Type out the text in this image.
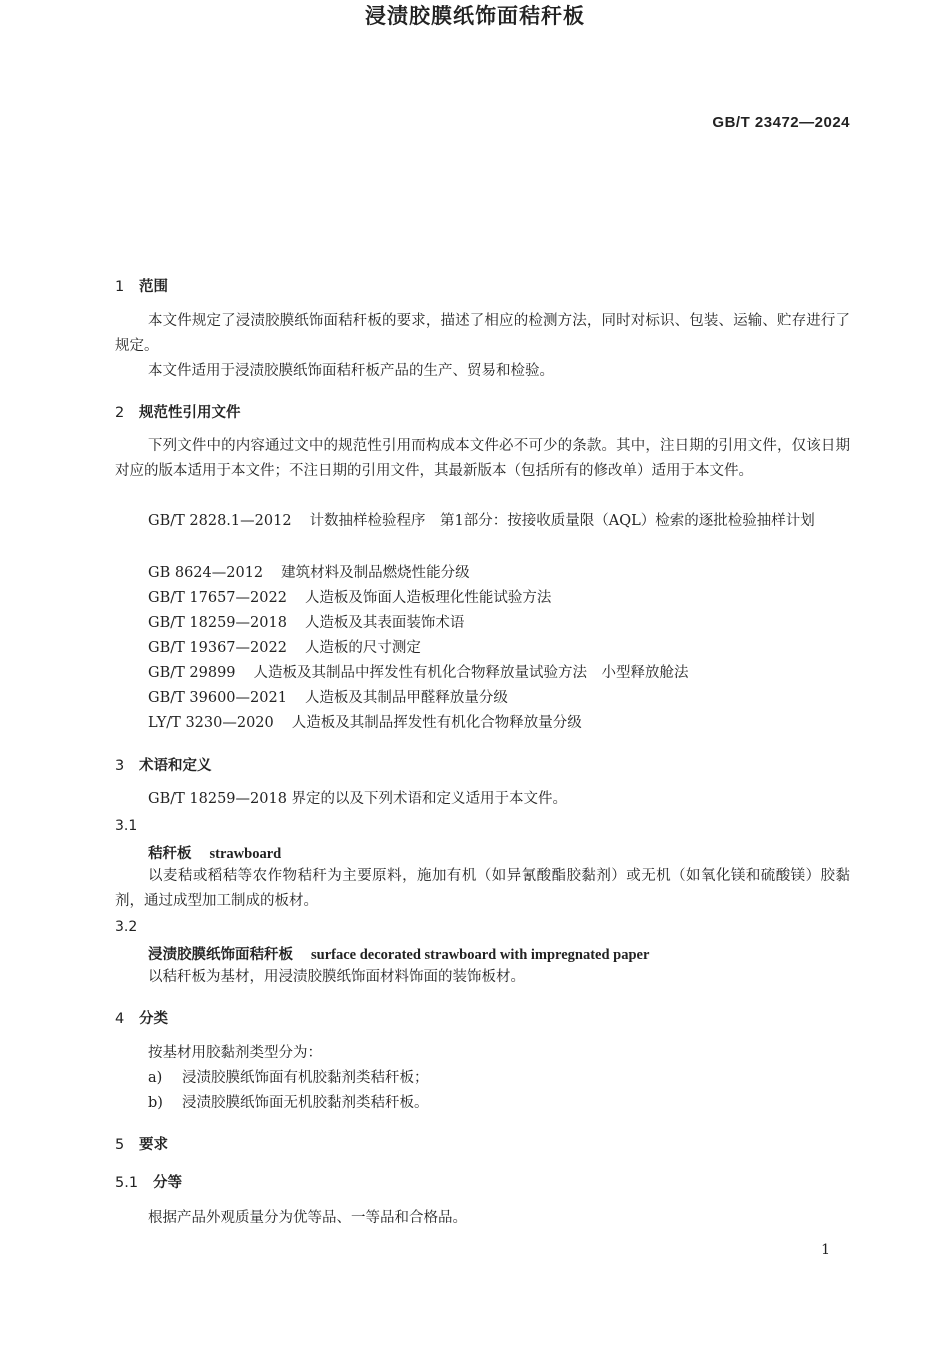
GB/T 23472—2024
浸渍胶膜纸饰面秸秆板
1 范围
本文件规定了浸渍胶膜纸饰面秸秆板的要求，描述了相应的检测方法，同时对标识、包装、运输、贮存进行了规定。
本文件适用于浸渍胶膜纸饰面秸秆板产品的生产、贸易和检验。
2 规范性引用文件
下列文件中的内容通过文中的规范性引用而构成本文件必不可少的条款。其中，注日期的引用文件，仅该日期对应的版本适用于本文件；不注日期的引用文件，其最新版本（包括所有的修改单）适用于本文件。
GB/T 2828.1—2012 计数抽样检验程序　第1部分：按接收质量限（AQL）检索的逐批检验抽样计划
GB 8624—2012 建筑材料及制品燃烧性能分级
GB/T 17657—2022 人造板及饰面人造板理化性能试验方法
GB/T 18259—2018 人造板及其表面装饰术语
GB/T 19367—2022 人造板的尺寸测定
GB/T 29899 人造板及其制品中挥发性有机化合物释放量试验方法　小型释放舱法
GB/T 39600—2021 人造板及其制品甲醛释放量分级
LY/T 3230—2020 人造板及其制品挥发性有机化合物释放量分级
3 术语和定义
GB/T 18259—2018 界定的以及下列术语和定义适用于本文件。
3.1
秸秆板 strawboard
以麦秸或稻秸等农作物秸秆为主要原料，施加有机（如异氰酸酯胶黏剂）或无机（如氧化镁和硫酸镁）胶黏剂，通过成型加工制成的板材。
3.2
浸渍胶膜纸饰面秸秆板 surface decorated strawboard with impregnated paper
以秸秆板为基材，用浸渍胶膜纸饰面材料饰面的装饰板材。
4 分类
按基材用胶黏剂类型分为：
a) 浸渍胶膜纸饰面有机胶黏剂类秸秆板；
b) 浸渍胶膜纸饰面无机胶黏剂类秸秆板。
5 要求
5.1 分等
根据产品外观质量分为优等品、一等品和合格品。
1
